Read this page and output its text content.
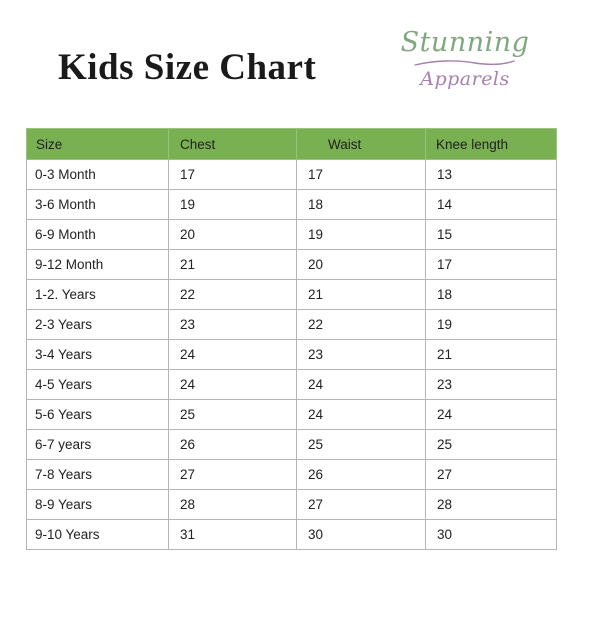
Kids Size Chart
Stunning
Apparels
Size	Chest	Waist	Knee length
0-3 Month	17	17	13
3-6 Month	19	18	14
6-9 Month	20	19	15
9-12 Month	21	20	17
1-2. Years	22	21	18
2-3 Years	23	22	19
3-4 Years	24	23	21
4-5 Years	24	24	23
5-6 Years	25	24	24
6-7 years	26	25	25
7-8 Years	27	26	27
8-9 Years	28	27	28
9-10 Years	31	30	30
